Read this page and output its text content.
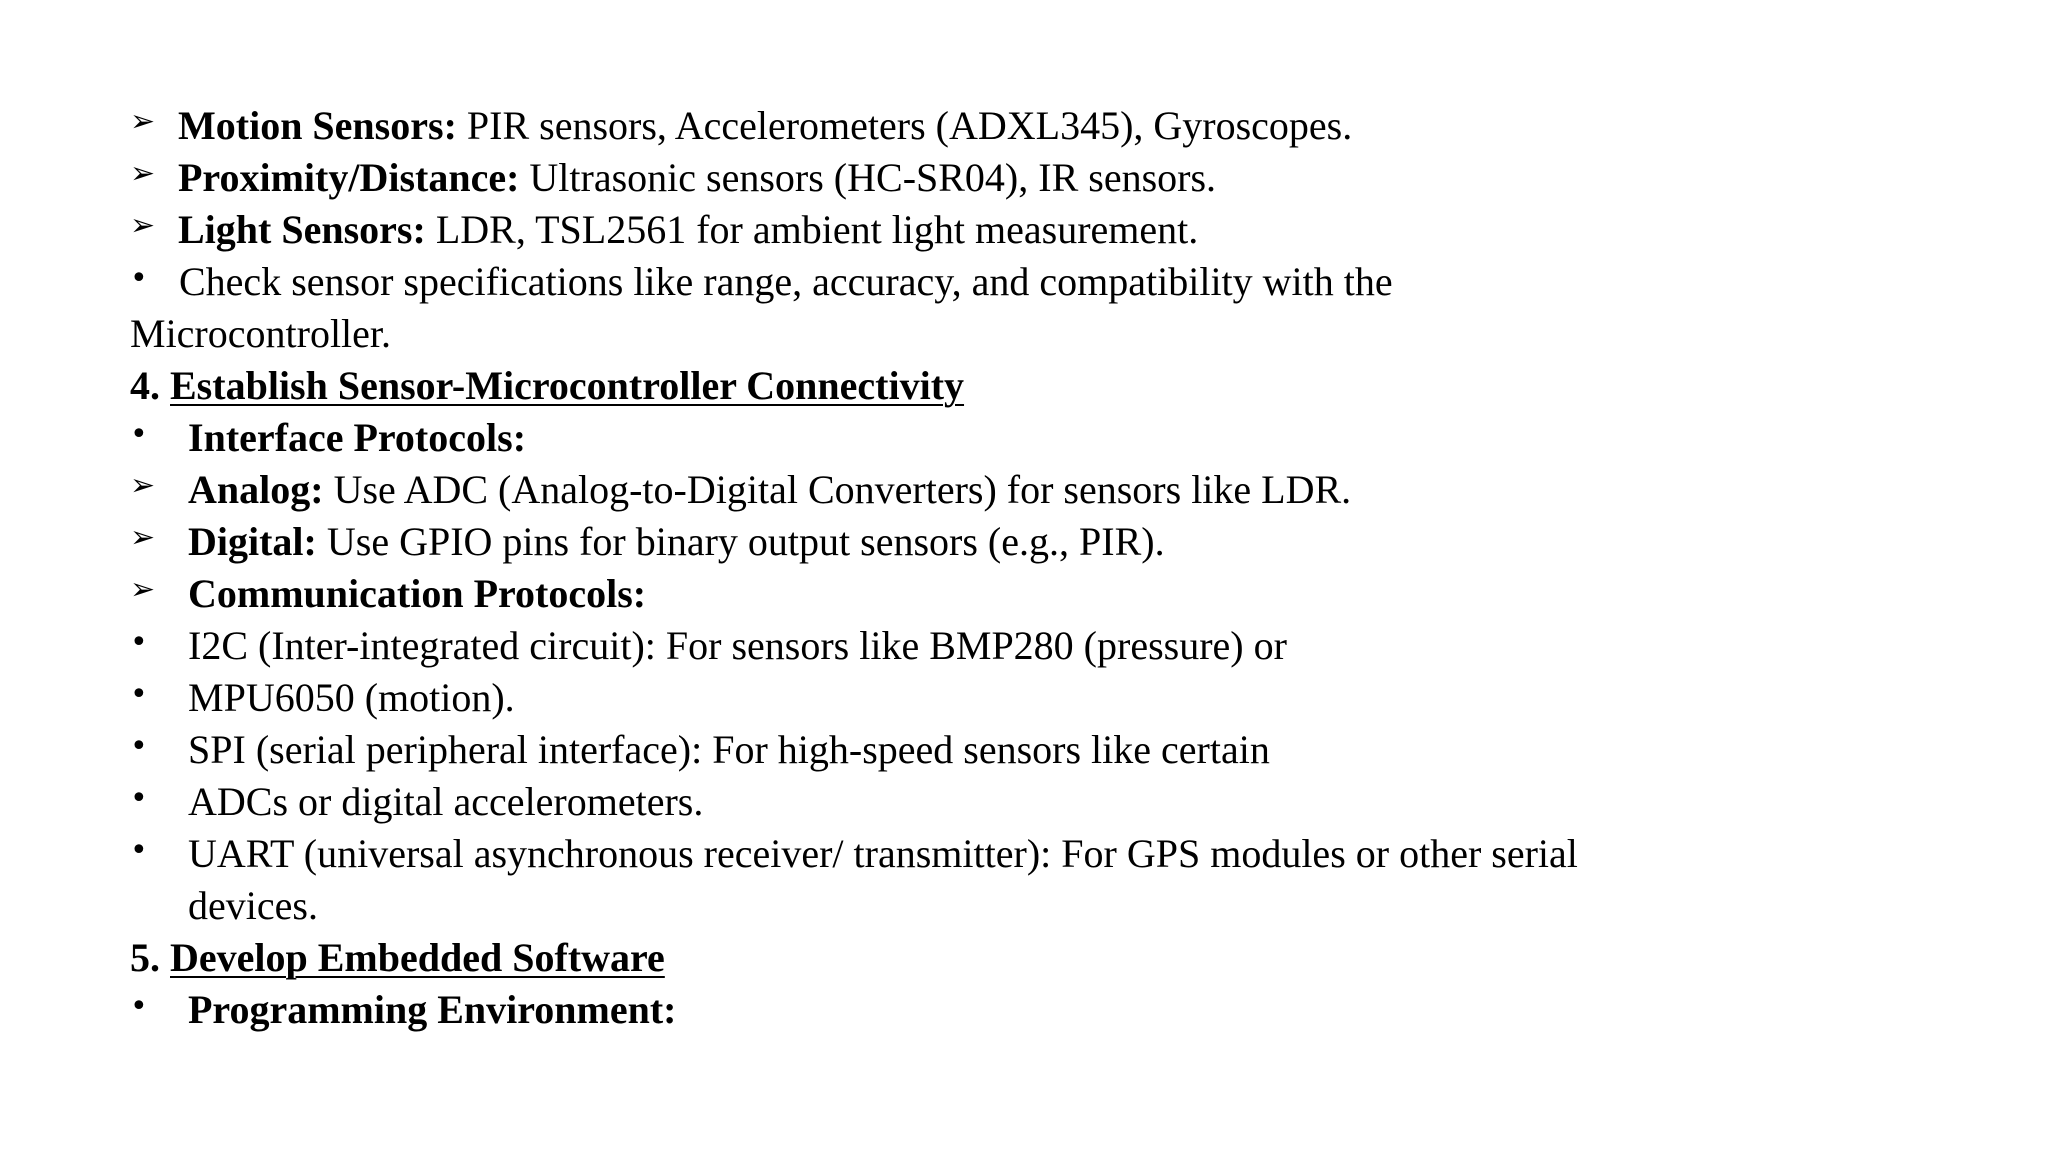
➢ Motion Sensors: PIR sensors, Accelerometers (ADXL345), Gyroscopes.
➢ Proximity/Distance: Ultrasonic sensors (HC-SR04), IR sensors.
➢ Light Sensors: LDR, TSL2561 for ambient light measurement.
• Check sensor specifications like range, accuracy, and compatibility with the
Microcontroller.
4. Establish Sensor-Microcontroller Connectivity
• Interface Protocols:
➢ Analog: Use ADC (Analog-to-Digital Converters) for sensors like LDR.
➢ Digital: Use GPIO pins for binary output sensors (e.g., PIR).
➢ Communication Protocols:
• I2C (Inter-integrated circuit): For sensors like BMP280 (pressure) or
• MPU6050 (motion).
• SPI (serial peripheral interface): For high-speed sensors like certain
• ADCs or digital accelerometers.
• UART (universal asynchronous receiver/ transmitter): For GPS modules or other serial
devices.
5. Develop Embedded Software
• Programming Environment:
